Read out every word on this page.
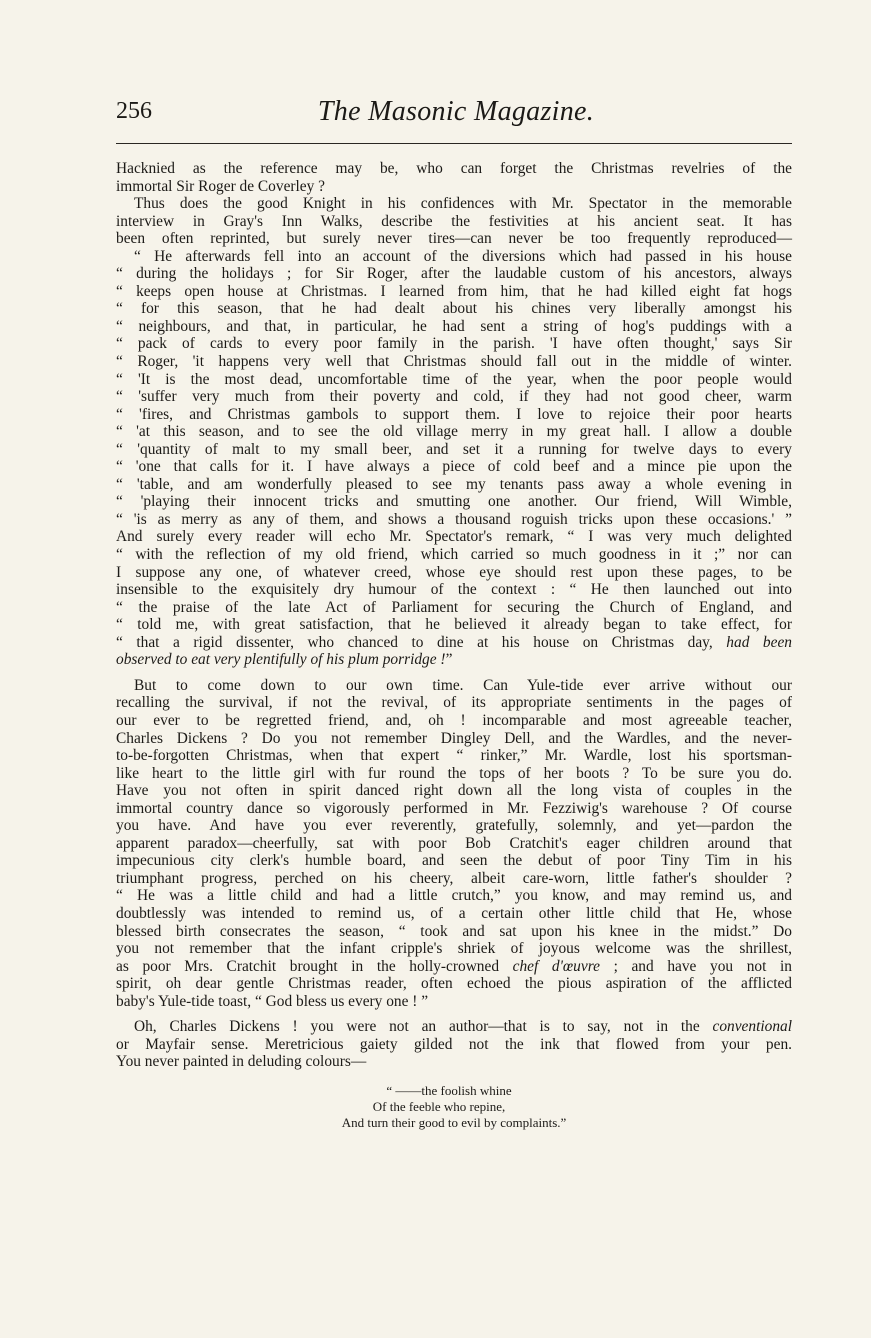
256	The Masonic Magazine.
Hacknied as the reference may be, who can forget the Christmas revelries of the
immortal Sir Roger de Coverley ?
Thus does the good Knight in his confidences with Mr. Spectator in the memorable
interview in Gray's Inn Walks, describe the festivities at his ancient seat. It has
been often reprinted, but surely never tires—can never be too frequently reproduced—
“ He afterwards fell into an account of the diversions which had passed in his house
“ during the holidays ; for Sir Roger, after the laudable custom of his ancestors, always
“ keeps open house at Christmas. I learned from him, that he had killed eight fat hogs
“ for this season, that he had dealt about his chines very liberally amongst his
“ neighbours, and that, in particular, he had sent a string of hog's puddings with a
“ pack of cards to every poor family in the parish. 'I have often thought,' says Sir
“ Roger, 'it happens very well that Christmas should fall out in the middle of winter.
“ 'It is the most dead, uncomfortable time of the year, when the poor people would
“ 'suffer very much from their poverty and cold, if they had not good cheer, warm
“ 'fires, and Christmas gambols to support them. I love to rejoice their poor hearts
“ 'at this season, and to see the old village merry in my great hall. I allow a double
“ 'quantity of malt to my small beer, and set it a running for twelve days to every
“ 'one that calls for it. I have always a piece of cold beef and a mince pie upon the
“ 'table, and am wonderfully pleased to see my tenants pass away a whole evening in
“ 'playing their innocent tricks and smutting one another. Our friend, Will Wimble,
“ 'is as merry as any of them, and shows a thousand roguish tricks upon these occasions.' ”
And surely every reader will echo Mr. Spectator's remark, “ I was very much delighted
“ with the reflection of my old friend, which carried so much goodness in it ;” nor can
I suppose any one, of whatever creed, whose eye should rest upon these pages, to be
insensible to the exquisitely dry humour of the context : “ He then launched out into
“ the praise of the late Act of Parliament for securing the Church of England, and
“ told me, with great satisfaction, that he believed it already began to take effect, for
“ that a rigid dissenter, who chanced to dine at his house on Christmas day, had been
observed to eat very plentifully of his plum porridge !”
But to come down to our own time. Can Yule-tide ever arrive without our
recalling the survival, if not the revival, of its appropriate sentiments in the pages of
our ever to be regretted friend, and, oh ! incomparable and most agreeable teacher,
Charles Dickens ? Do you not remember Dingley Dell, and the Wardles, and the never-
to-be-forgotten Christmas, when that expert “ rinker,” Mr. Wardle, lost his sportsman-
like heart to the little girl with fur round the tops of her boots ? To be sure you do.
Have you not often in spirit danced right down all the long vista of couples in the
immortal country dance so vigorously performed in Mr. Fezziwig's warehouse ? Of course
you have. And have you ever reverently, gratefully, solemnly, and yet—pardon the
apparent paradox—cheerfully, sat with poor Bob Cratchit's eager children around that
impecunious city clerk's humble board, and seen the debut of poor Tiny Tim in his
triumphant progress, perched on his cheery, albeit care-worn, little father's shoulder ?
“ He was a little child and had a little crutch,” you know, and may remind us, and
doubtlessly was intended to remind us, of a certain other little child that He, whose
blessed birth consecrates the season, “ took and sat upon his knee in the midst.” Do
you not remember that the infant cripple's shriek of joyous welcome was the shrillest,
as poor Mrs. Cratchit brought in the holly-crowned chef d'œuvre ; and have you not in
spirit, oh dear gentle Christmas reader, often echoed the pious aspiration of the afflicted
baby's Yule-tide toast, “ God bless us every one ! ”
Oh, Charles Dickens ! you were not an author—that is to say, not in the conventional
or Mayfair sense. Meretricious gaiety gilded not the ink that flowed from your pen.
You never painted in deluding colours—
“ ——the foolish whine
Of the feeble who repine,
And turn their good to evil by complaints.”
